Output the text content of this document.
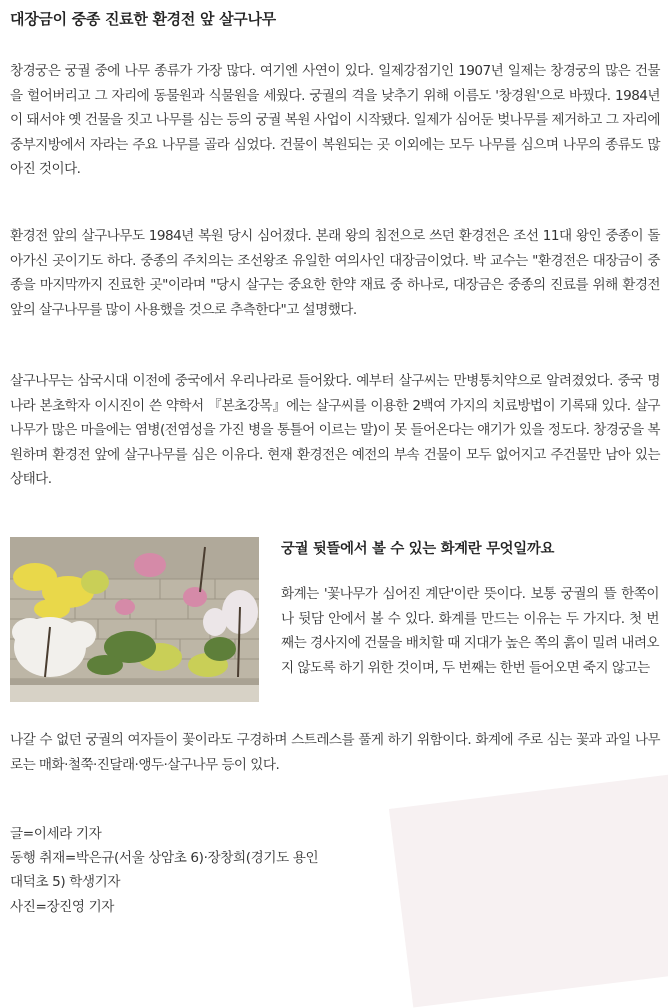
대장금이 중종 진료한 환경전 앞 살구나무

창경궁은 궁궐 중에 나무 종류가 가장 많다. 여기엔 사연이 있다. 일제강점기인 1907년 일제는 창경궁의 많은 건물을 헐어버리고 그 자리에 동물원과 식물원을 세웠다. 궁궐의 격을 낮추기 위해 이름도 '창경원'으로 바꿨다. 1984년이 돼서야 옛 건물을 짓고 나무를 심는 등의 궁궐 복원 사업이 시작됐다. 일제가 심어둔 벚나무를 제거하고 그 자리에 중부지방에서 자라는 주요 나무를 골라 심었다. 건물이 복원되는 곳 이외에는 모두 나무를 심으며 나무의 종류도 많아진 것이다.

환경전 앞의 살구나무도 1984년 복원 당시 심어졌다. 본래 왕의 침전으로 쓰던 환경전은 조선 11대 왕인 중종이 돌아가신 곳이기도 하다. 중종의 주치의는 조선왕조 유일한 여의사인 대장금이었다. 박 교수는 "환경전은 대장금이 중종을 마지막까지 진료한 곳"이라며 "당시 살구는 중요한 한약 재료 중 하나로, 대장금은 중종의 진료를 위해 환경전 앞의 살구나무를 많이 사용했을 것으로 추측한다"고 설명했다.

살구나무는 삼국시대 이전에 중국에서 우리나라로 들어왔다. 예부터 살구씨는 만병통치약으로 알려졌었다. 중국 명나라 본초학자 이시진이 쓴 약학서 『본초강목』에는 살구씨를 이용한 2백여 가지의 치료방법이 기록돼 있다. 살구나무가 많은 마을에는 염병(전염성을 가진 병을 통틀어 이르는 말)이 못 들어온다는 얘기가 있을 정도다. 창경궁을 복원하며 환경전 앞에 살구나무를 심은 이유다. 현재 환경전은 예전의 부속 건물이 모두 없어지고 주건물만 남아 있는 상태다.

궁궐 뒷뜰에서 볼 수 있는 화계란 무엇일까요

화계는 '꽃나무가 심어진 계단'이란 뜻이다. 보통 궁궐의 뜰 한쪽이나 뒷담 안에서 볼 수 있다. 화계를 만드는 이유는 두 가지다. 첫 번째는 경사지에 건물을 배치할 때 지대가 높은 쪽의 흙이 밀려 내려오지 않도록 하기 위한 것이며, 두 번째는 한번 들어오면 죽지 않고는

나갈 수 없던 궁궐의 여자들이 꽃이라도 구경하며 스트레스를 풀게 하기 위함이다. 화계에 주로 심는 꽃과 과일 나무로는 매화·철쭉·진달래·앵두·살구나무 등이 있다.

글=이세라 기자
동행 취재=박은규(서울 상암초 6)·장창희(경기도 용인
대덕초 5) 학생기자
사진=장진영 기자
